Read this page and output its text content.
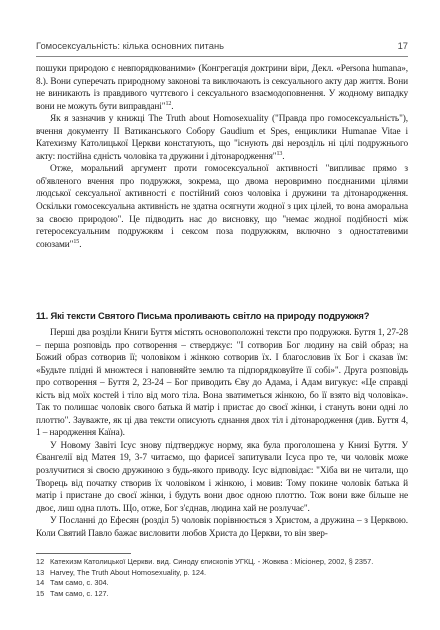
Гомосексуальність: кілька основних питань	17

пошуки природою є невпорядкованими» (Конгрегація доктрини віри, Декл. «Persona humana», 8.). Вони суперечать природному законові та виключають із сексуального акту дар життя. Вони не виникають із правдивого чуттєвого і сексуального взаємодоповнення. У жодному випадку вони не можуть бути виправдані"$^{12}$.

Як я зазначив у книжці The Truth about Homosexuality ("Правда про гомосексуальність"), вчення документу II Ватиканського Собору Gaudium et Spes, енциклики Humanae Vitae і Катехизму Католицької Церкви констатують, що "існують дві нерозділь ні цілі подружнього акту: постійна єдність чоловіка та дружини і дітонародження"$^{13}$.

Отже, моральний аргумент проти гомосексуальної активності "випливає прямо з об'явленого вчення про подружжя, зокрема, що двома неровримно поєднаними цілями людської сексуальної активності є постійний союз чоловіка і дружини та дітонародження. Оскільки гомосексуальна активність не здатна осягнути жодної з цих цілей, то вона аморальна за своєю природою". Це підводить нас до висновку, що "немає жодної подібності між гетеросексуальним подружжям і сексом поза подружжям, включно з одностатевими союзами"$^{15}$.

11. Які тексти Святого Письма проливають світло на природу подружжя?

Перші два розділи Книги Буття містять основоположні тексти про подружжя. Буття 1, 27-28 – перша розповідь про сотворення – стверджує: "І сотворив Бог людину на свій образ; на Божий образ сотворив її; чоловіком і жінкою сотворив їх. І благословив їх Бог і сказав їм: «Будьте плідні й множтеся і наповняйте землю та підпорядковуйте її собі»". Друга розповідь про сотворення – Буття 2, 23-24 – Бог приводить Єву до Адама, і Адам вигукує: «Це справді кість від моїх костей і тіло від мого тіла. Вона зватиметься жінкою, бо її взято від чоловіка». Так то полишає чоловік свого батька й матір і пристає до своєї жінки, і стануть вони одні ло плоттю". Зауважте, як ці два тексти описують єднання двох тіл і дітонародження (див. Буття 4, 1 – народження Каїна).

У Новому Завіті Ісус знову підтверджує норму, яка була проголошена у Книзі Буття. У Євангелії від Матея 19, 3-7 читаємо, що фарисеї запитували Ісуса про те, чи чоловік може розлучитися зі своєю дружиною з будь-якого приводу. Ісус відповідає: "Хіба ви не читали, що Творець від початку створив їх чоловіком і жінкою, і мовив: Тому покине чоловік батька й матір і пристане до своєї жінки, і будуть вони двоє одною плоттю. Тож вони вже більше не двоє, лиш одна плоть. Що, отже, Бог з'єднав, людина хай не розлучає".

У Посланні до Ефесян (розділ 5) чоловік порівнюється з Христом, а дружина – з Церквою. Коли Святий Павло бажає висловити любов Христа до Церкви, то він звер-

12 Катехизм Католицької Церкви. вид. Синоду єпископів УГКЦ. - Жовква : Місіонер, 2002, § 2357.
13 Harvey, The Truth About Homosexuality, p. 124.
14 Там само, с. 304.
15 Там само, с. 127.
